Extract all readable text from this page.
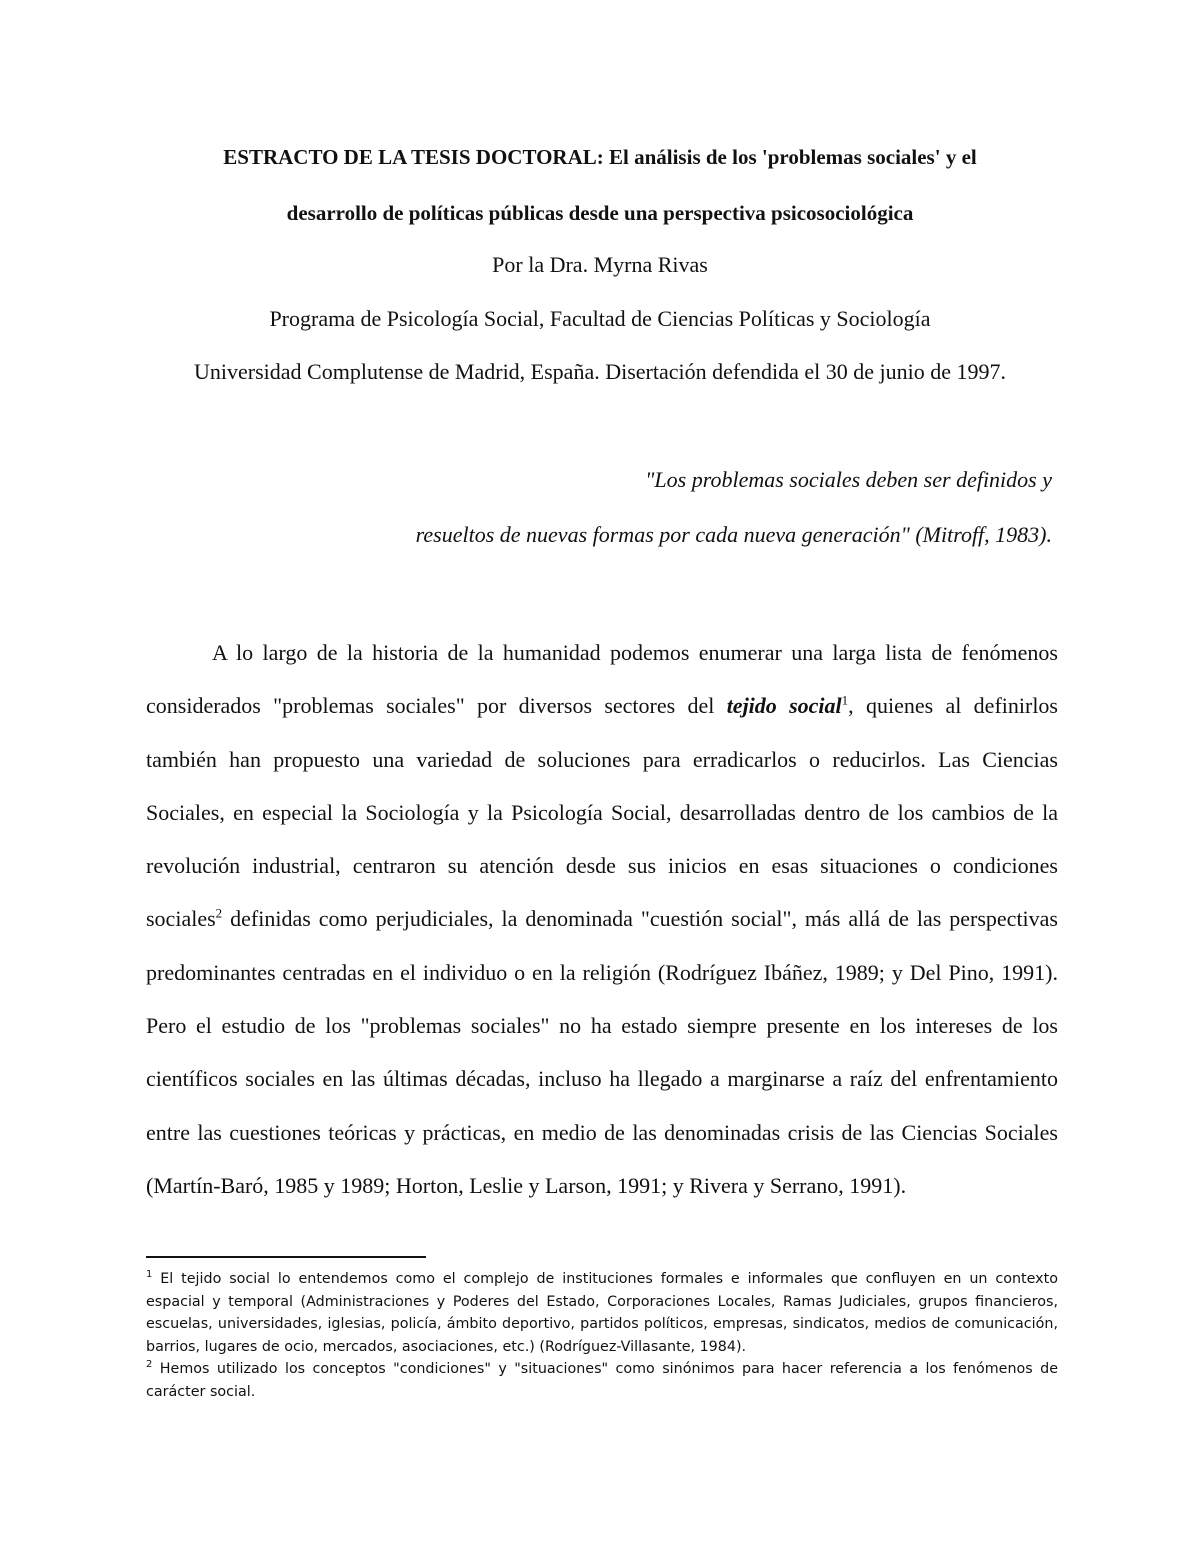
ESTRACTO DE LA TESIS DOCTORAL: El análisis de los 'problemas sociales' y el
desarrollo de políticas públicas desde una perspectiva psicosociológica
Por la Dra. Myrna Rivas
Programa de Psicología Social, Facultad de Ciencias Políticas y Sociología
Universidad Complutense de Madrid, España. Disertación defendida el 30 de junio de 1997.
"Los problemas sociales deben ser definidos y
resueltos de nuevas formas por cada nueva generación" (Mitroff, 1983).

A lo largo de la historia de la humanidad podemos enumerar una larga lista de fenómenos considerados "problemas sociales" por diversos sectores del tejido social$^1$, quienes al definirlos también han propuesto una variedad de soluciones para erradicarlos o reducirlos. Las Ciencias Sociales, en especial la Sociología y la Psicología Social, desarrolladas dentro de los cambios de la revolución industrial, centraron su atención desde sus inicios en esas situaciones o condiciones sociales$^2$ definidas como perjudiciales, la denominada "cuestión social", más allá de las perspectivas predominantes centradas en el individuo o en la religión (Rodríguez Ibáñez, 1989; y Del Pino, 1991). Pero el estudio de los "problemas sociales" no ha estado siempre presente en los intereses de los científicos sociales en las últimas décadas, incluso ha llegado a marginarse a raíz del enfrentamiento entre las cuestiones teóricas y prácticas, en medio de las denominadas crisis de las Ciencias Sociales (Martín-Baró, 1985 y 1989; Horton, Leslie y Larson, 1991; y Rivera y Serrano, 1991).

$^1$ El tejido social lo entendemos como el complejo de instituciones formales e informales que confluyen en un contexto espacial y temporal (Administraciones y Poderes del Estado, Corporaciones Locales, Ramas Judiciales, grupos financieros, escuelas, universidades, iglesias, policía, ámbito deportivo, partidos políticos, empresas, sindicatos, medios de comunicación, barrios, lugares de ocio, mercados, asociaciones, etc.) (Rodríguez-Villasante, 1984).

$^2$ Hemos utilizado los conceptos "condiciones" y "situaciones" como sinónimos para hacer referencia a los fenómenos de carácter social.
